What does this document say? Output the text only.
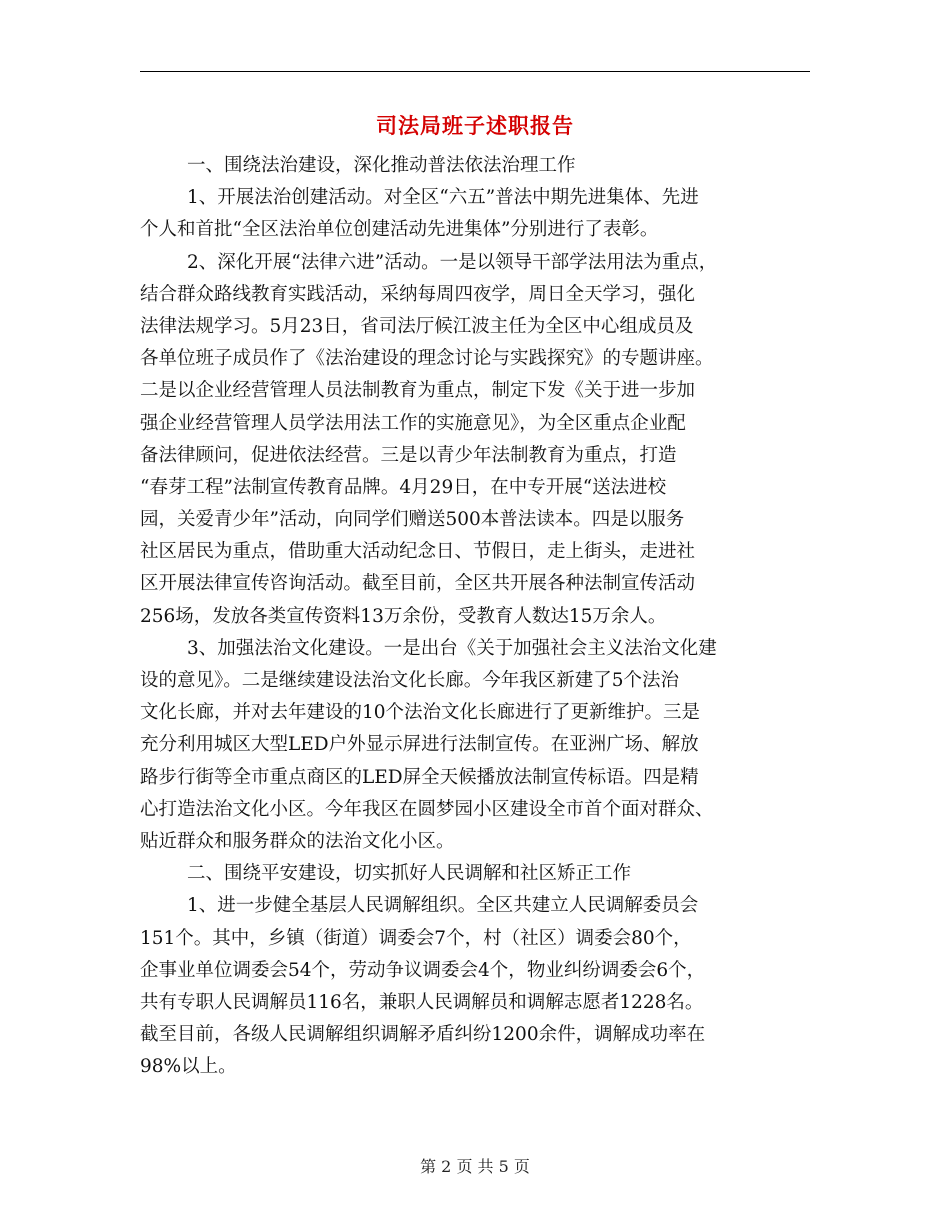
司法局班子述职报告
一、围绕法治建设，深化推动普法依法治理工作
1、开展法治创建活动。对全区“六五”普法中期先进集体、先进
个人和首批“全区法治单位创建活动先进集体”分别进行了表彰。
2、深化开展“法律六进”活动。一是以领导干部学法用法为重点，
结合群众路线教育实践活动，采纳每周四夜学，周日全天学习，强化
法律法规学习。5月23日，省司法厅候江波主任为全区中心组成员及
各单位班子成员作了《法治建设的理念讨论与实践探究》的专题讲座。
二是以企业经营管理人员法制教育为重点，制定下发《关于进一步加
强企业经营管理人员学法用法工作的实施意见》，为全区重点企业配
备法律顾问，促进依法经营。三是以青少年法制教育为重点，打造
“春芽工程”法制宣传教育品牌。4月29日，在中专开展“送法进校
园，关爱青少年”活动，向同学们赠送500本普法读本。四是以服务
社区居民为重点，借助重大活动纪念日、节假日，走上街头，走进社
区开展法律宣传咨询活动。截至目前，全区共开展各种法制宣传活动
256场，发放各类宣传资料13万余份，受教育人数达15万余人。
3、加强法治文化建设。一是出台《关于加强社会主义法治文化建
设的意见》。二是继续建设法治文化长廊。今年我区新建了5个法治
文化长廊，并对去年建设的10个法治文化长廊进行了更新维护。三是
充分利用城区大型LED户外显示屏进行法制宣传。在亚洲广场、解放
路步行街等全市重点商区的LED屏全天候播放法制宣传标语。四是精
心打造法治文化小区。今年我区在圆梦园小区建设全市首个面对群众、
贴近群众和服务群众的法治文化小区。
二、围绕平安建设，切实抓好人民调解和社区矫正工作
1、进一步健全基层人民调解组织。全区共建立人民调解委员会
151个。其中，乡镇（街道）调委会7个，村（社区）调委会80个，
企事业单位调委会54个，劳动争议调委会4个，物业纠纷调委会6个，
共有专职人民调解员116名，兼职人民调解员和调解志愿者1228名。
截至目前，各级人民调解组织调解矛盾纠纷1200余件，调解成功率在
98%以上。
第 2 页 共 5 页
